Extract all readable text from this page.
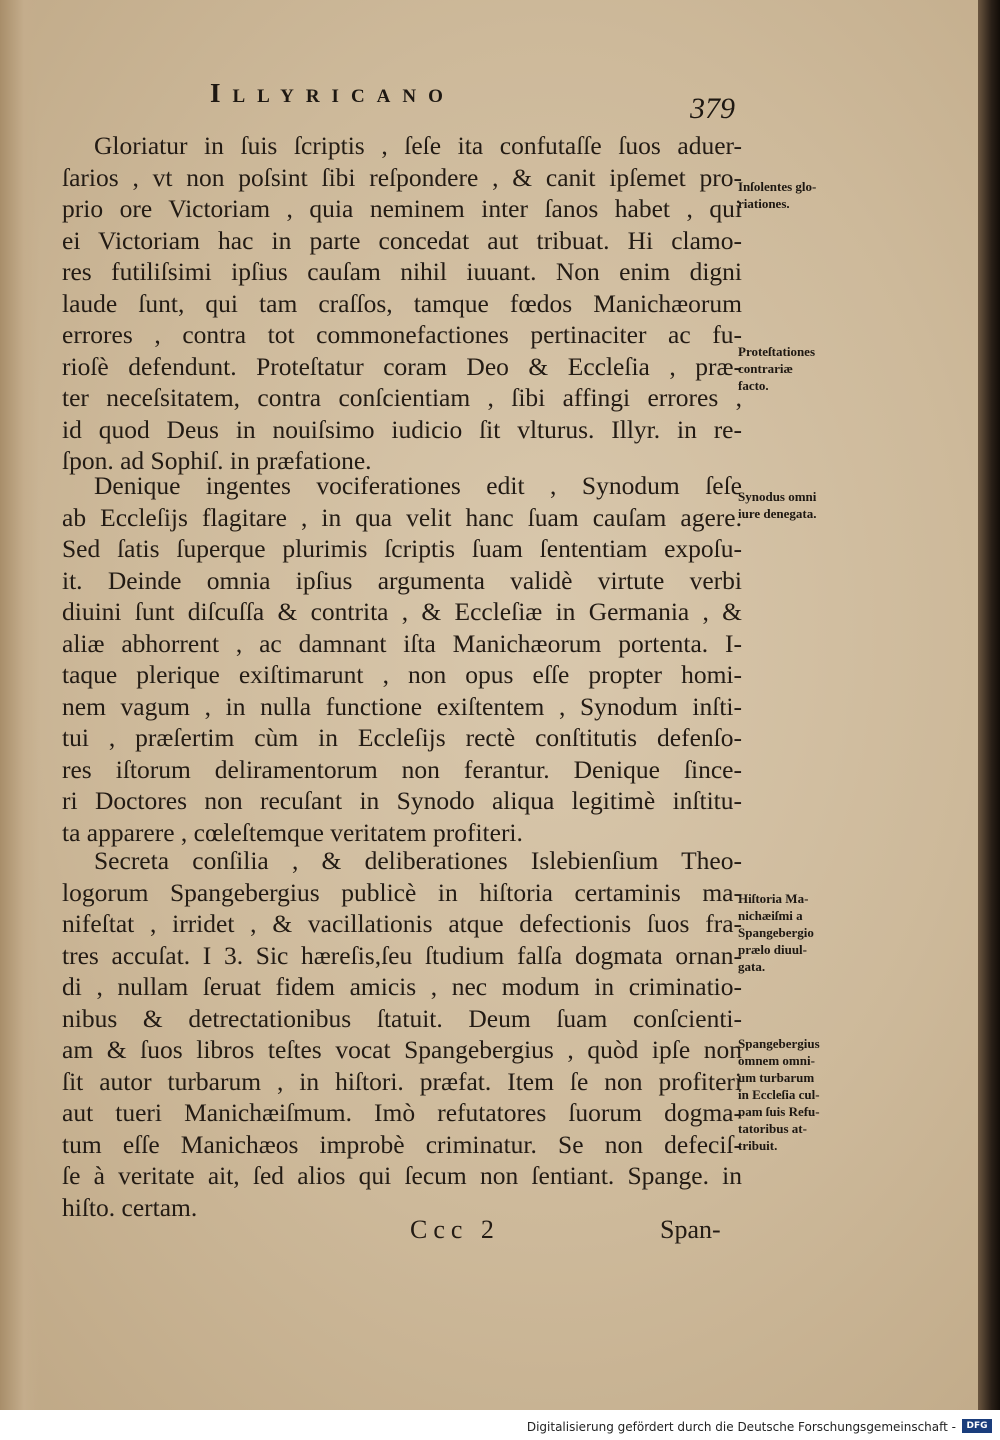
Illyricano	379
Gloriatur in ſuis ſcriptis , ſeſe ita confutaſſe ſuos aduer-
ſarios , vt non poſsint ſibi reſpondere , & canit ipſemet pro-
prio ore Victoriam , quia neminem inter ſanos habet , qui
ei Victoriam hac in parte concedat aut tribuat. Hi clamo-
res futiliſsimi ipſius cauſam nihil iuuant. Non enim digni
laude ſunt, qui tam craſſos, tamque fœdos Manichæorum
errores , contra tot commonefactiones pertinaciter ac fu-
rioſè defendunt. Proteſtatur coram Deo & Eccleſia , præ-
ter neceſsitatem, contra conſcientiam , ſibi affingi errores ,
id quod Deus in nouiſsimo iudicio ſit vlturus. Illyr. in re-
ſpon. ad Sophiſ. in præfatione.
Denique ingentes vociferationes edit , Synodum ſeſe
ab Eccleſijs flagitare , in qua velit hanc ſuam cauſam agere.
Sed ſatis ſuperque plurimis ſcriptis ſuam ſententiam expoſu-
it. Deinde omnia ipſius argumenta validè virtute verbi
diuini ſunt diſcuſſa & contrita , & Eccleſiæ in Germania , &
aliæ abhorrent , ac damnant iſta Manichæorum portenta. I-
taque plerique exiſtimarunt , non opus eſſe propter homi-
nem vagum , in nulla functione exiſtentem , Synodum inſti-
tui , præſertim cùm in Eccleſijs rectè conſtitutis defenſo-
res iſtorum deliramentorum non ferantur. Denique ſince-
ri Doctores non recuſant in Synodo aliqua legitimè inſtitu-
ta apparere , cœleſtemque veritatem profiteri.
Secreta conſilia , & deliberationes Islebienſium Theo-
logorum Spangebergius publicè in hiſtoria certaminis ma-
nifeſtat , irridet , & vacillationis atque defectionis ſuos fra-
tres accuſat. I 3. Sic hæreſis,ſeu ſtudium falſa dogmata ornan-
di , nullam ſeruat fidem amicis , nec modum in criminatio-
nibus & detrectationibus ſtatuit. Deum ſuam conſcienti-
am & ſuos libros teſtes vocat Spangebergius , quòd ipſe non
ſit autor turbarum , in hiſtori. præfat. Item ſe non profiteri
aut tueri Manichæiſmum. Imò refutatores ſuorum dogma-
tum eſſe Manichæos improbè criminatur. Se non defeciſ-
ſe à veritate ait, ſed alios qui ſecum non ſentiant. Spange. in
hiſto. certam.
Inſolentes glo-
riationes.
Proteſtationes
contrariæ
facto.
Synodus omni
iure denegata.
Hiſtoria Ma-
nichæiſmi a
Spangebergio
prælo diuul-
gata.
Spangebergius
omnem omni-
um turbarum
in Eccleſia cul-
pam ſuis Refu-
tatoribus at-
tribuit.
Ccc 2	Span-
Digitalisierung gefördert durch die Deutsche Forschungsgemeinschaft -	DFG
